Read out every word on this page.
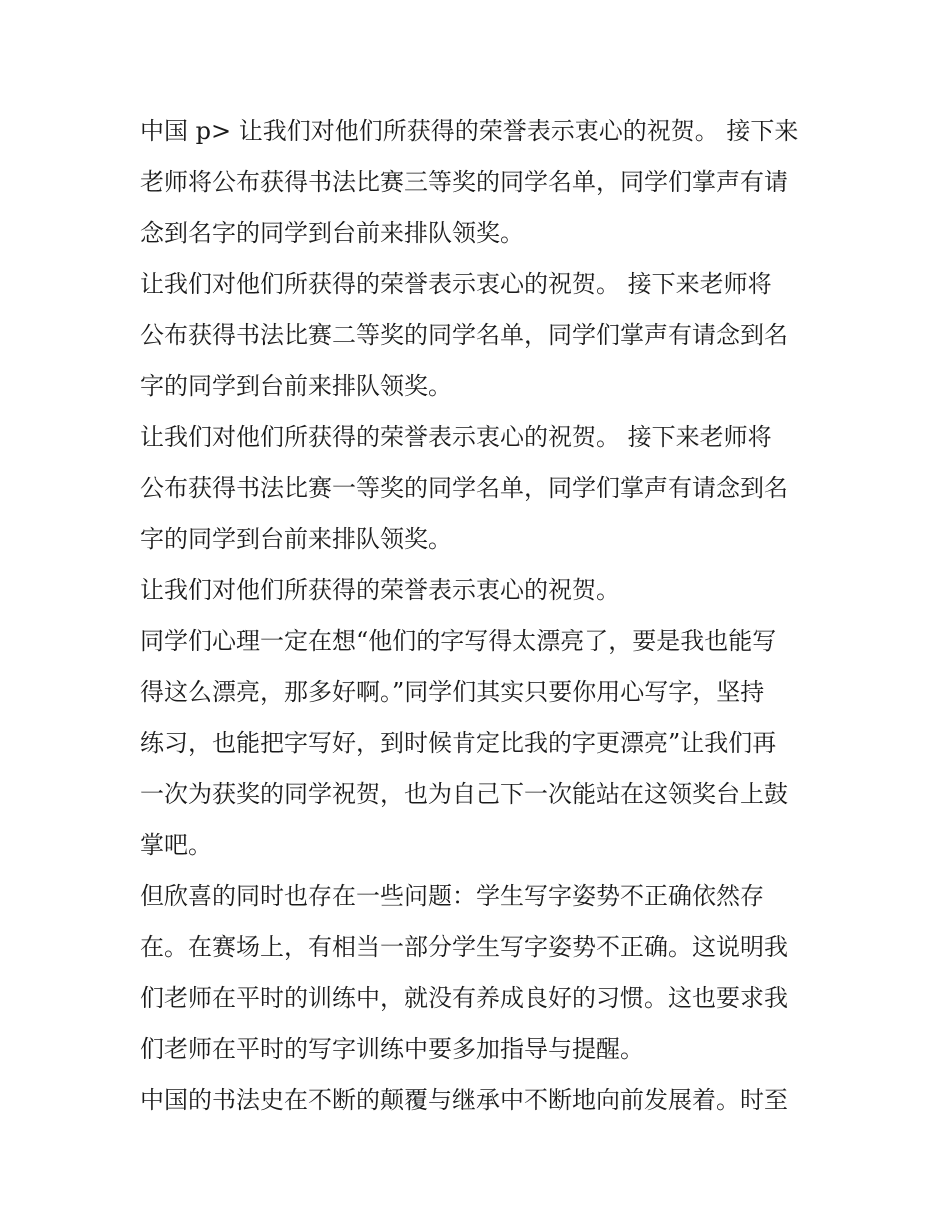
中国 p> 让我们对他们所获得的荣誉表示衷心的祝贺。 接下来
老师将公布获得书法比赛三等奖的同学名单，同学们掌声有请
念到名字的同学到台前来排队领奖。
让我们对他们所获得的荣誉表示衷心的祝贺。 接下来老师将
公布获得书法比赛二等奖的同学名单，同学们掌声有请念到名
字的同学到台前来排队领奖。
让我们对他们所获得的荣誉表示衷心的祝贺。 接下来老师将
公布获得书法比赛一等奖的同学名单，同学们掌声有请念到名
字的同学到台前来排队领奖。
让我们对他们所获得的荣誉表示衷心的祝贺。
同学们心理一定在想“他们的字写得太漂亮了，要是我也能写
得这么漂亮，那多好啊。”同学们其实只要你用心写字，坚持
练习，也能把字写好，到时候肯定比我的字更漂亮”让我们再
一次为获奖的同学祝贺，也为自己下一次能站在这领奖台上鼓
掌吧。
但欣喜的同时也存在一些问题：学生写字姿势不正确依然存
在。在赛场上，有相当一部分学生写字姿势不正确。这说明我
们老师在平时的训练中，就没有养成良好的习惯。这也要求我
们老师在平时的写字训练中要多加指导与提醒。
中国的书法史在不断的颠覆与继承中不断地向前发展着。时至
